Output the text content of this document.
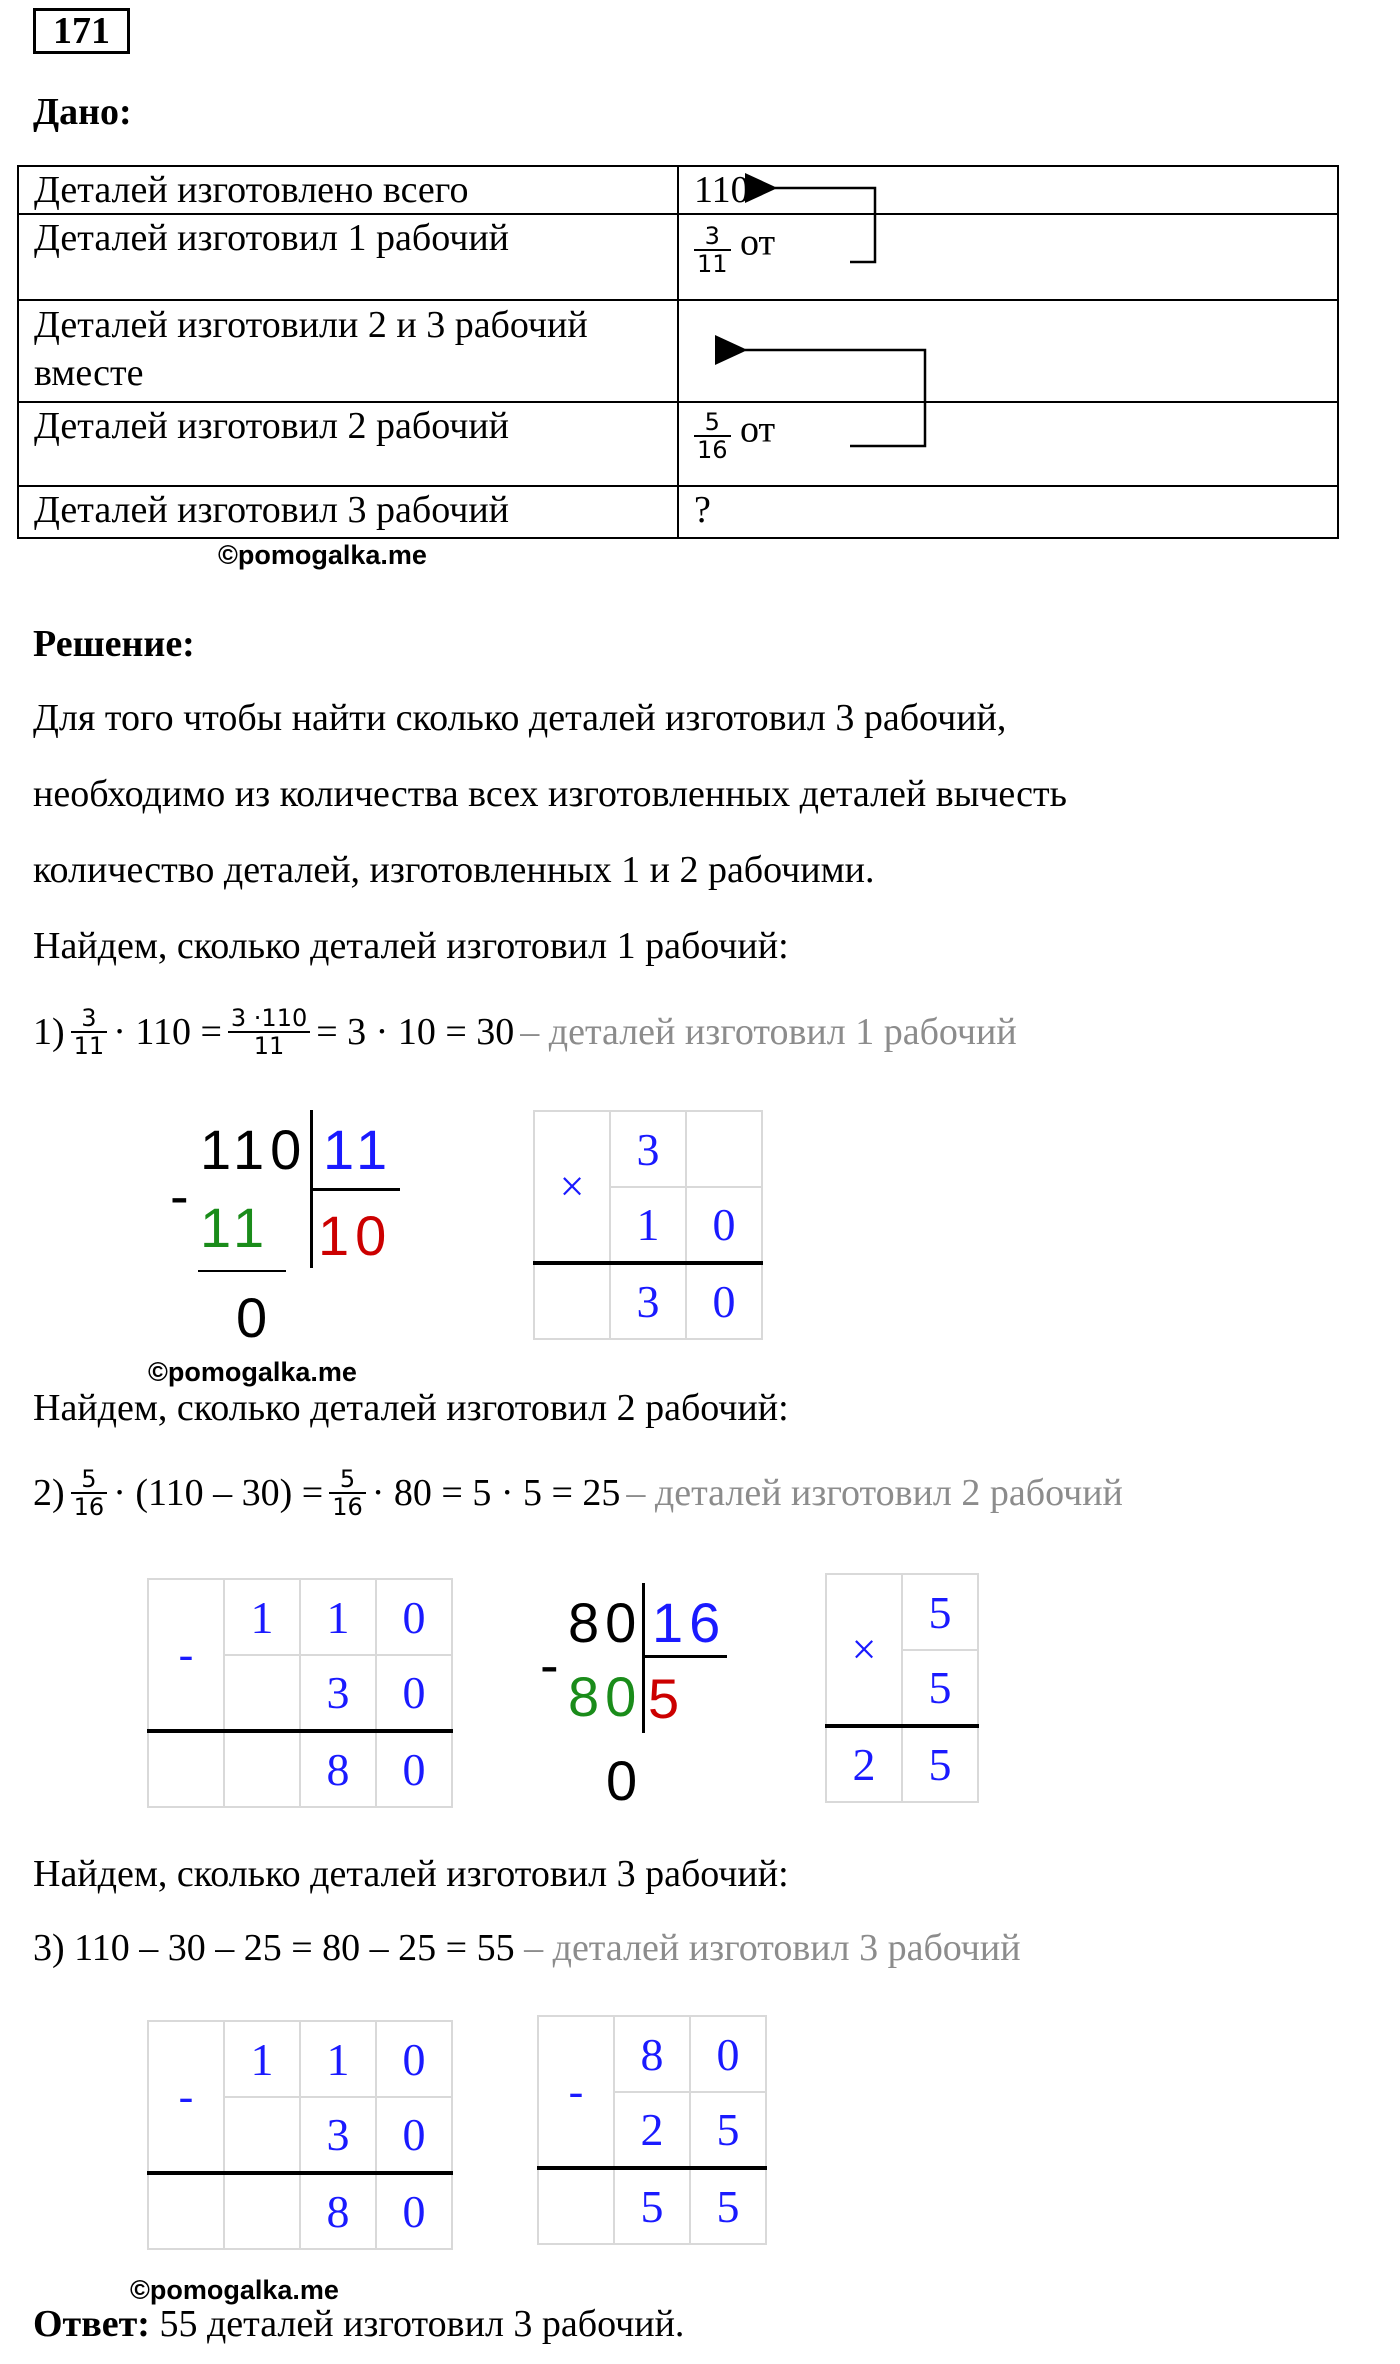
171
Дано:
Деталей изготовлено всего	110
Деталей изготовил 1 рабочий	$\frac{3}{11}$ от
Деталей изготовили 2 и 3 рабочий вместе	
Деталей изготовил 2 рабочий	$\frac{5}{16}$ от
Деталей изготовил 3 рабочий	?
©pomogalka.me
Решение:
Для того чтобы найти сколько деталей изготовил 3 рабочий,
необходимо из количества всех изготовленных деталей вычесть
количество деталей, изготовленных 1 и 2 рабочими.
Найдем, сколько деталей изготовил 1 рабочий:
$1) \frac{3}{11} \cdot 110 = \frac{3 \cdot 110}{11} = 3 \cdot 10 = 30$ – деталей изготовил 1 рабочий
110 11
-
11 10
0
×	3	
	1	0
	3	0
©pomogalka.me
Найдем, сколько деталей изготовил 2 рабочий:
$2) \frac{5}{16} \cdot (110 - 30) = \frac{5}{16} \cdot 80 = 5 \cdot 5 = 25$ – деталей изготовил 2 рабочий
-	1	1	0
		3	0
		8	0
80 16
-
80 5
0
×	5
	5
2	5
Найдем, сколько деталей изготовил 3 рабочий:
3) 110 – 30 – 25 = 80 – 25 = 55 – деталей изготовил 3 рабочий
-	1	1	0
		3	0
		8	0
-	8	0
	2	5
	5	5
©pomogalka.me
Ответ: 55 деталей изготовил 3 рабочий.
